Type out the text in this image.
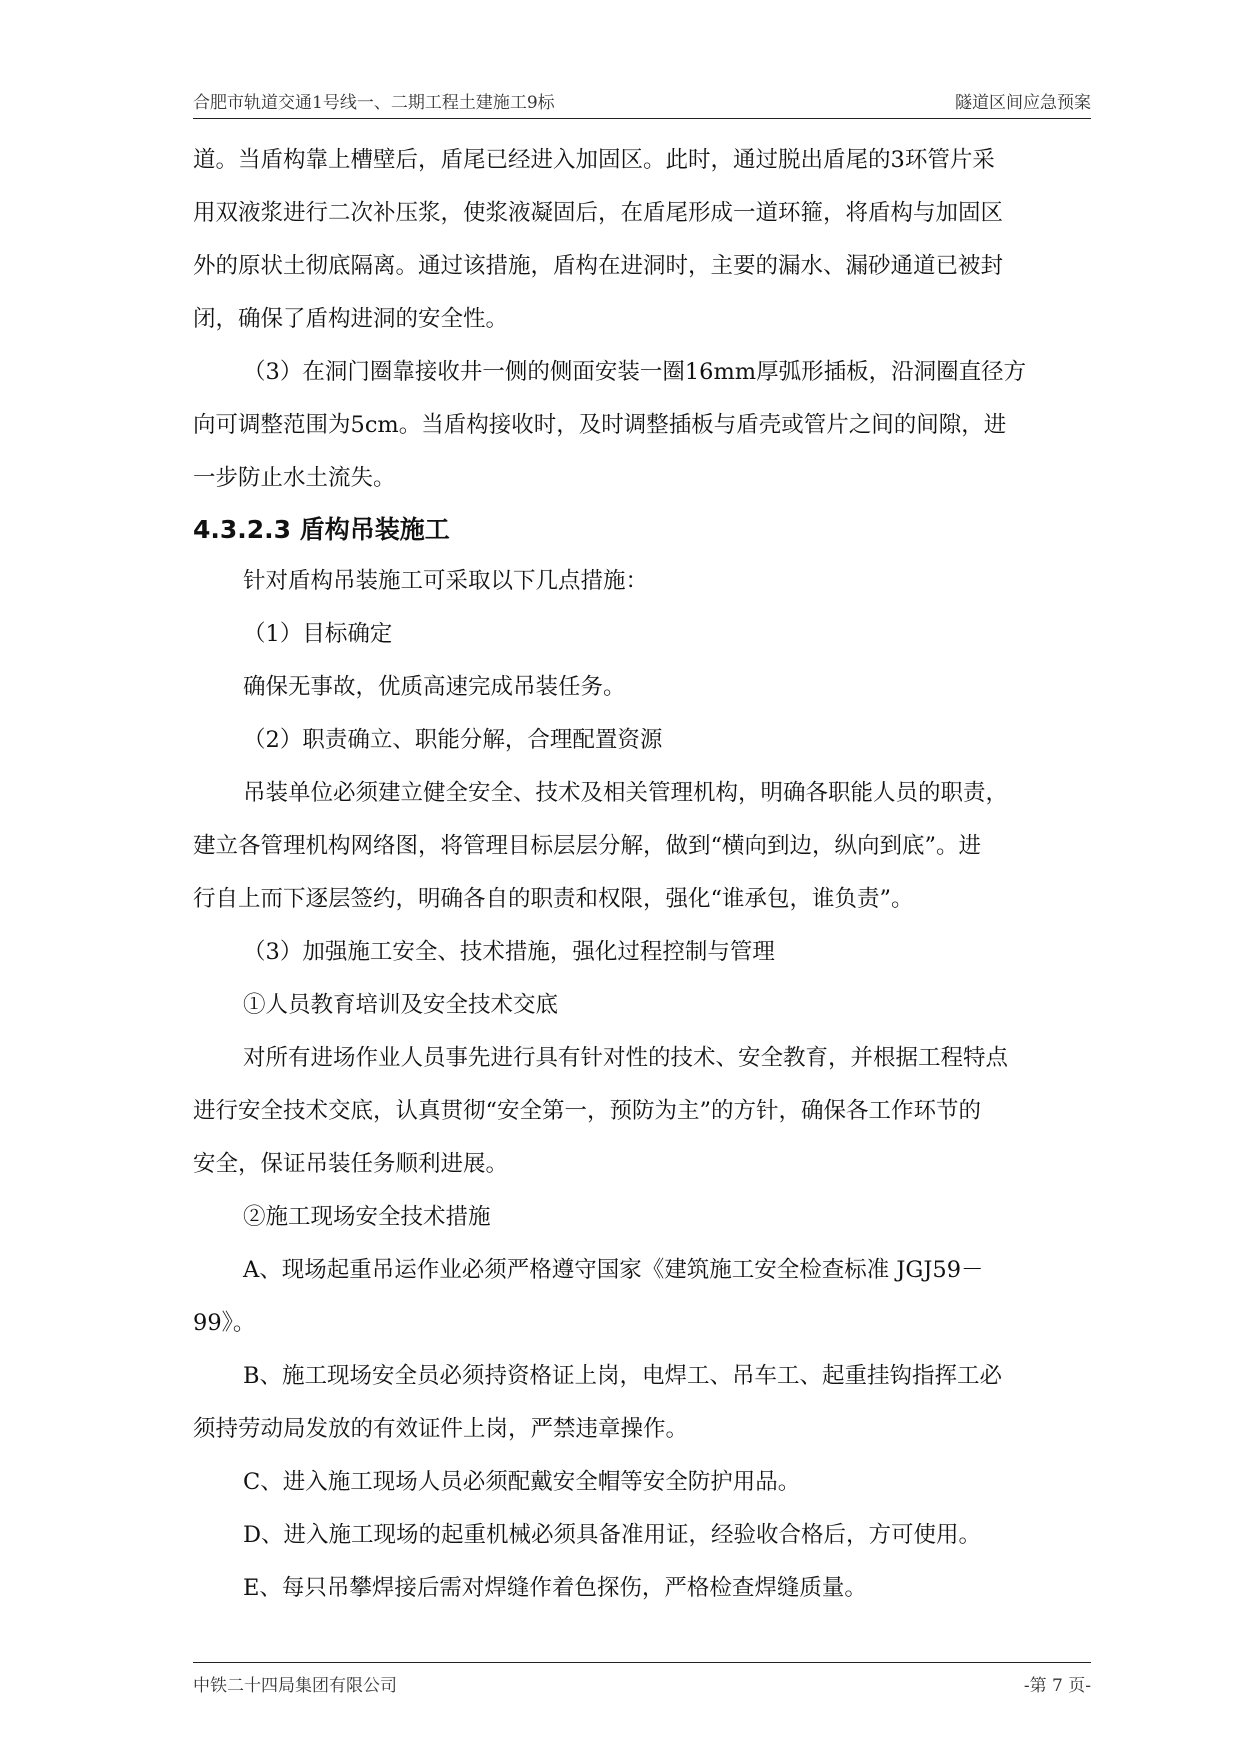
合肥市轨道交通1号线一、二期工程土建施工9标	隧道区间应急预案
道。当盾构靠上槽壁后，盾尾已经进入加固区。此时，通过脱出盾尾的3环管片采
用双液浆进行二次补压浆，使浆液凝固后，在盾尾形成一道环箍，将盾构与加固区
外的原状土彻底隔离。通过该措施，盾构在进洞时，主要的漏水、漏砂通道已被封
闭，确保了盾构进洞的安全性。
（3）在洞门圈靠接收井一侧的侧面安装一圈16mm厚弧形插板，沿洞圈直径方
向可调整范围为5cm。当盾构接收时，及时调整插板与盾壳或管片之间的间隙，进
一步防止水土流失。
4.3.2.3 盾构吊装施工
针对盾构吊装施工可采取以下几点措施：
（1）目标确定
确保无事故，优质高速完成吊装任务。
（2）职责确立、职能分解，合理配置资源
吊装单位必须建立健全安全、技术及相关管理机构，明确各职能人员的职责，
建立各管理机构网络图，将管理目标层层分解，做到“横向到边，纵向到底”。进
行自上而下逐层签约，明确各自的职责和权限，强化“谁承包，谁负责”。
（3）加强施工安全、技术措施，强化过程控制与管理
①人员教育培训及安全技术交底
对所有进场作业人员事先进行具有针对性的技术、安全教育，并根据工程特点
进行安全技术交底，认真贯彻“安全第一，预防为主”的方针，确保各工作环节的
安全，保证吊装任务顺利进展。
②施工现场安全技术措施
A、现场起重吊运作业必须严格遵守国家《建筑施工安全检查标准 JGJ59－
99》。
B、施工现场安全员必须持资格证上岗，电焊工、吊车工、起重挂钩指挥工必
须持劳动局发放的有效证件上岗，严禁违章操作。
C、进入施工现场人员必须配戴安全帽等安全防护用品。
D、进入施工现场的起重机械必须具备准用证，经验收合格后，方可使用。
E、每只吊攀焊接后需对焊缝作着色探伤，严格检查焊缝质量。
中铁二十四局集团有限公司	-第 7 页-
